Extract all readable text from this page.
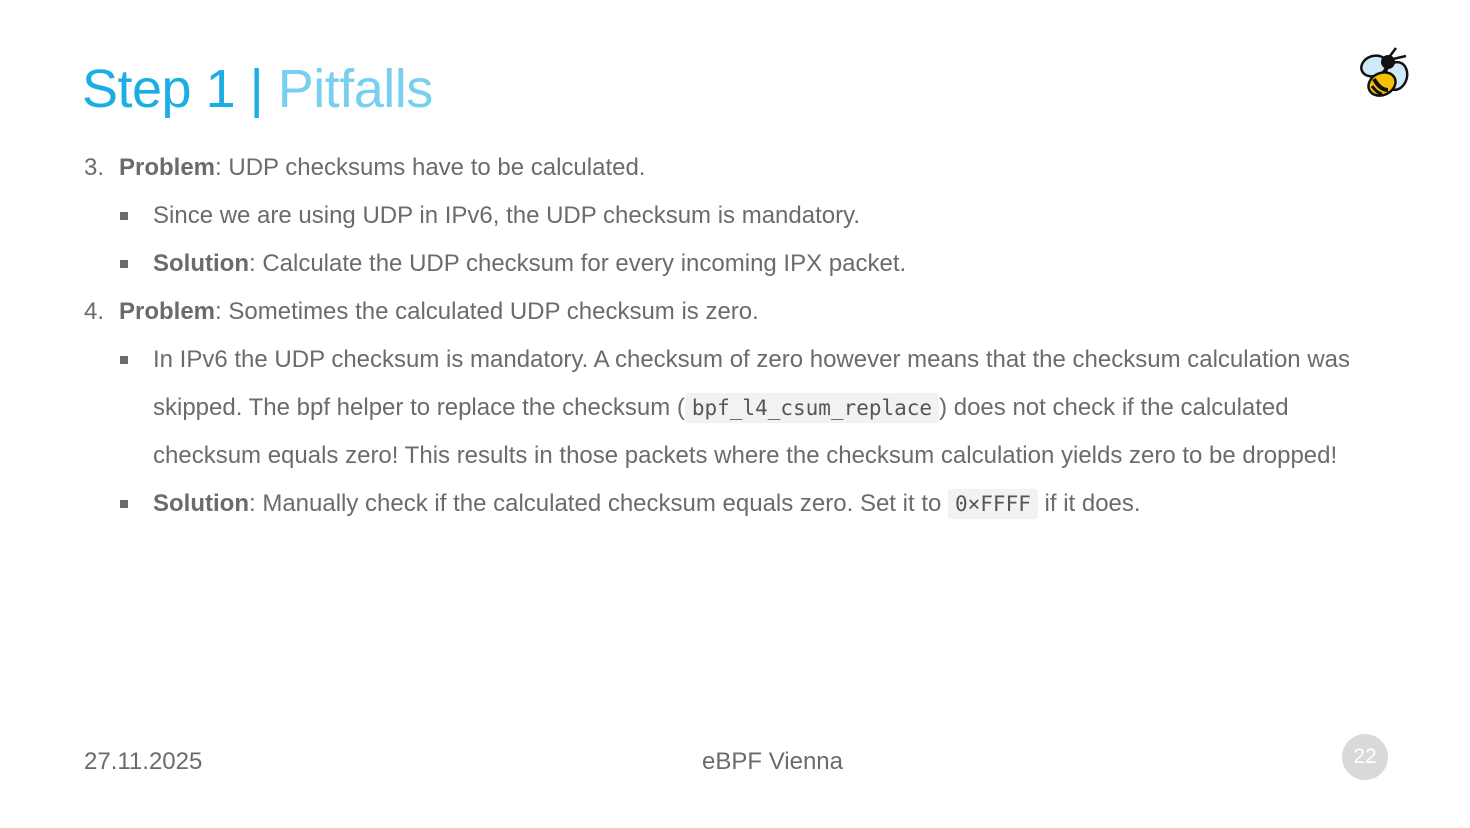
Step 1 | Pitfalls
3. Problem: UDP checksums have to be calculated.
Since we are using UDP in IPv6, the UDP checksum is mandatory.
Solution: Calculate the UDP checksum for every incoming IPX packet.
4. Problem: Sometimes the calculated UDP checksum is zero.
In IPv6 the UDP checksum is mandatory. A checksum of zero however means that the checksum calculation was skipped. The bpf helper to replace the checksum ( bpf_l4_csum_replace ) does not check if the calculated checksum equals zero! This results in those packets where the checksum calculation yields zero to be dropped!
Solution: Manually check if the calculated checksum equals zero. Set it to 0×FFFF if it does.
27.11.2025	eBPF Vienna	22
